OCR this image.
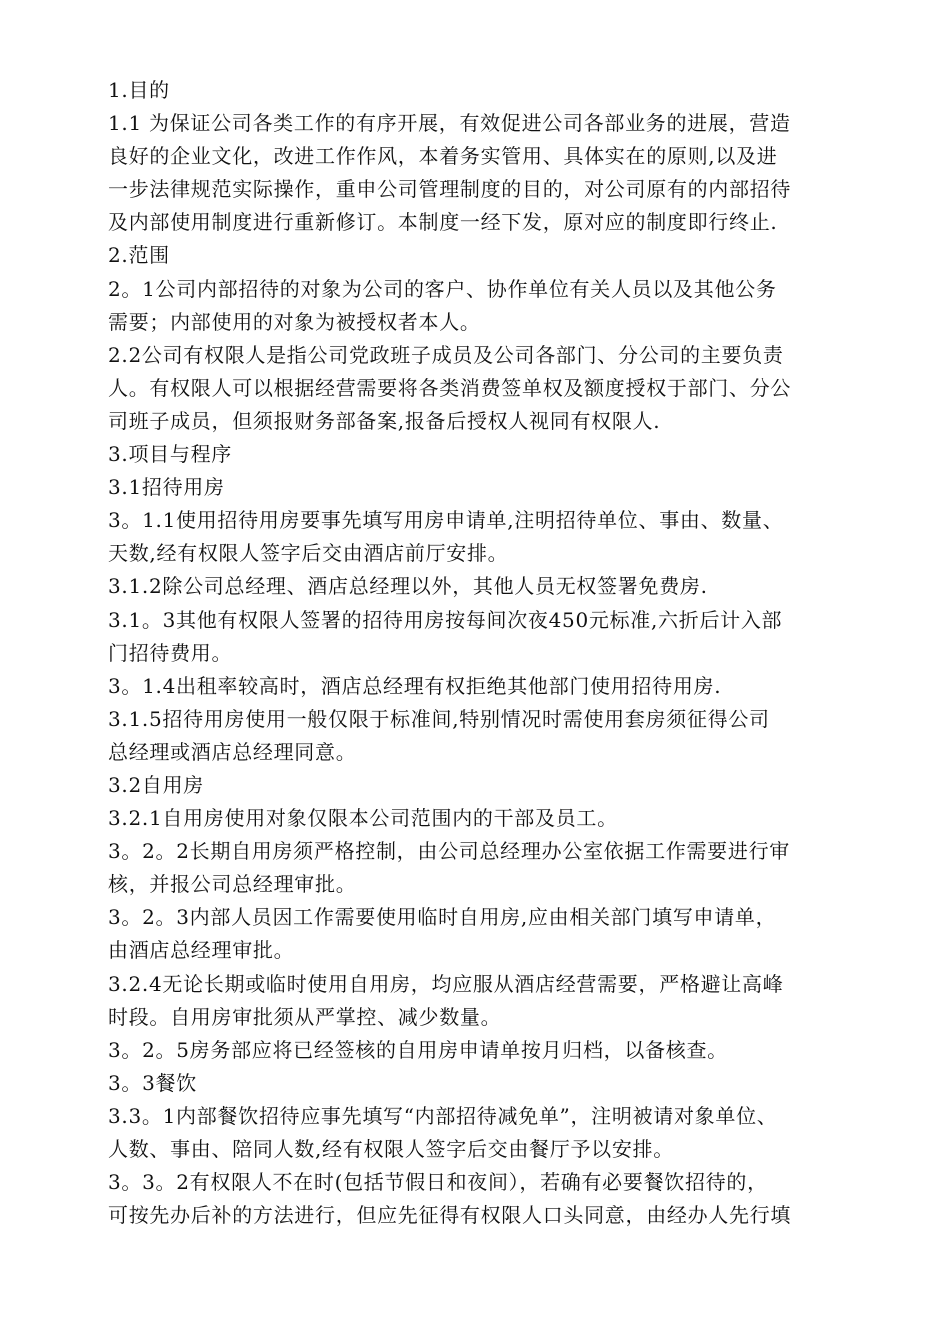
1.目的
1.1 为保证公司各类工作的有序开展，有效促进公司各部业务的进展，营造
良好的企业文化，改进工作作风，本着务实管用、具体实在的原则,以及进
一步法律规范实际操作，重申公司管理制度的目的，对公司原有的内部招待
及内部使用制度进行重新修订。本制度一经下发，原对应的制度即行终止.
2.范围
2。1公司内部招待的对象为公司的客户、协作单位有关人员以及其他公务
需要；内部使用的对象为被授权者本人。
2.2公司有权限人是指公司党政班子成员及公司各部门、分公司的主要负责
人。有权限人可以根据经营需要将各类消费签单权及额度授权于部门、分公
司班子成员，但须报财务部备案,报备后授权人视同有权限人.
3.项目与程序
3.1招待用房
3。1.1使用招待用房要事先填写用房申请单,注明招待单位、事由、数量、
天数,经有权限人签字后交由酒店前厅安排。
3.1.2除公司总经理、酒店总经理以外，其他人员无权签署免费房.
3.1。3其他有权限人签署的招待用房按每间次夜450元标准,六折后计入部
门招待费用。
3。1.4出租率较高时，酒店总经理有权拒绝其他部门使用招待用房.
3.1.5招待用房使用一般仅限于标准间,特别情况时需使用套房须征得公司
总经理或酒店总经理同意。
3.2自用房
3.2.1自用房使用对象仅限本公司范围内的干部及员工。
3。2。2长期自用房须严格控制，由公司总经理办公室依据工作需要进行审
核，并报公司总经理审批。
3。2。3内部人员因工作需要使用临时自用房,应由相关部门填写申请单，
由酒店总经理审批。
3.2.4无论长期或临时使用自用房，均应服从酒店经营需要，严格避让高峰
时段。自用房审批须从严掌控、减少数量。
3。2。5房务部应将已经签核的自用房申请单按月归档，以备核查。
3。3餐饮
3.3。1内部餐饮招待应事先填写“内部招待减免单”，注明被请对象单位、
人数、事由、陪同人数,经有权限人签字后交由餐厅予以安排。
3。3。2有权限人不在时(包括节假日和夜间），若确有必要餐饮招待的，
可按先办后补的方法进行，但应先征得有权限人口头同意，由经办人先行填
